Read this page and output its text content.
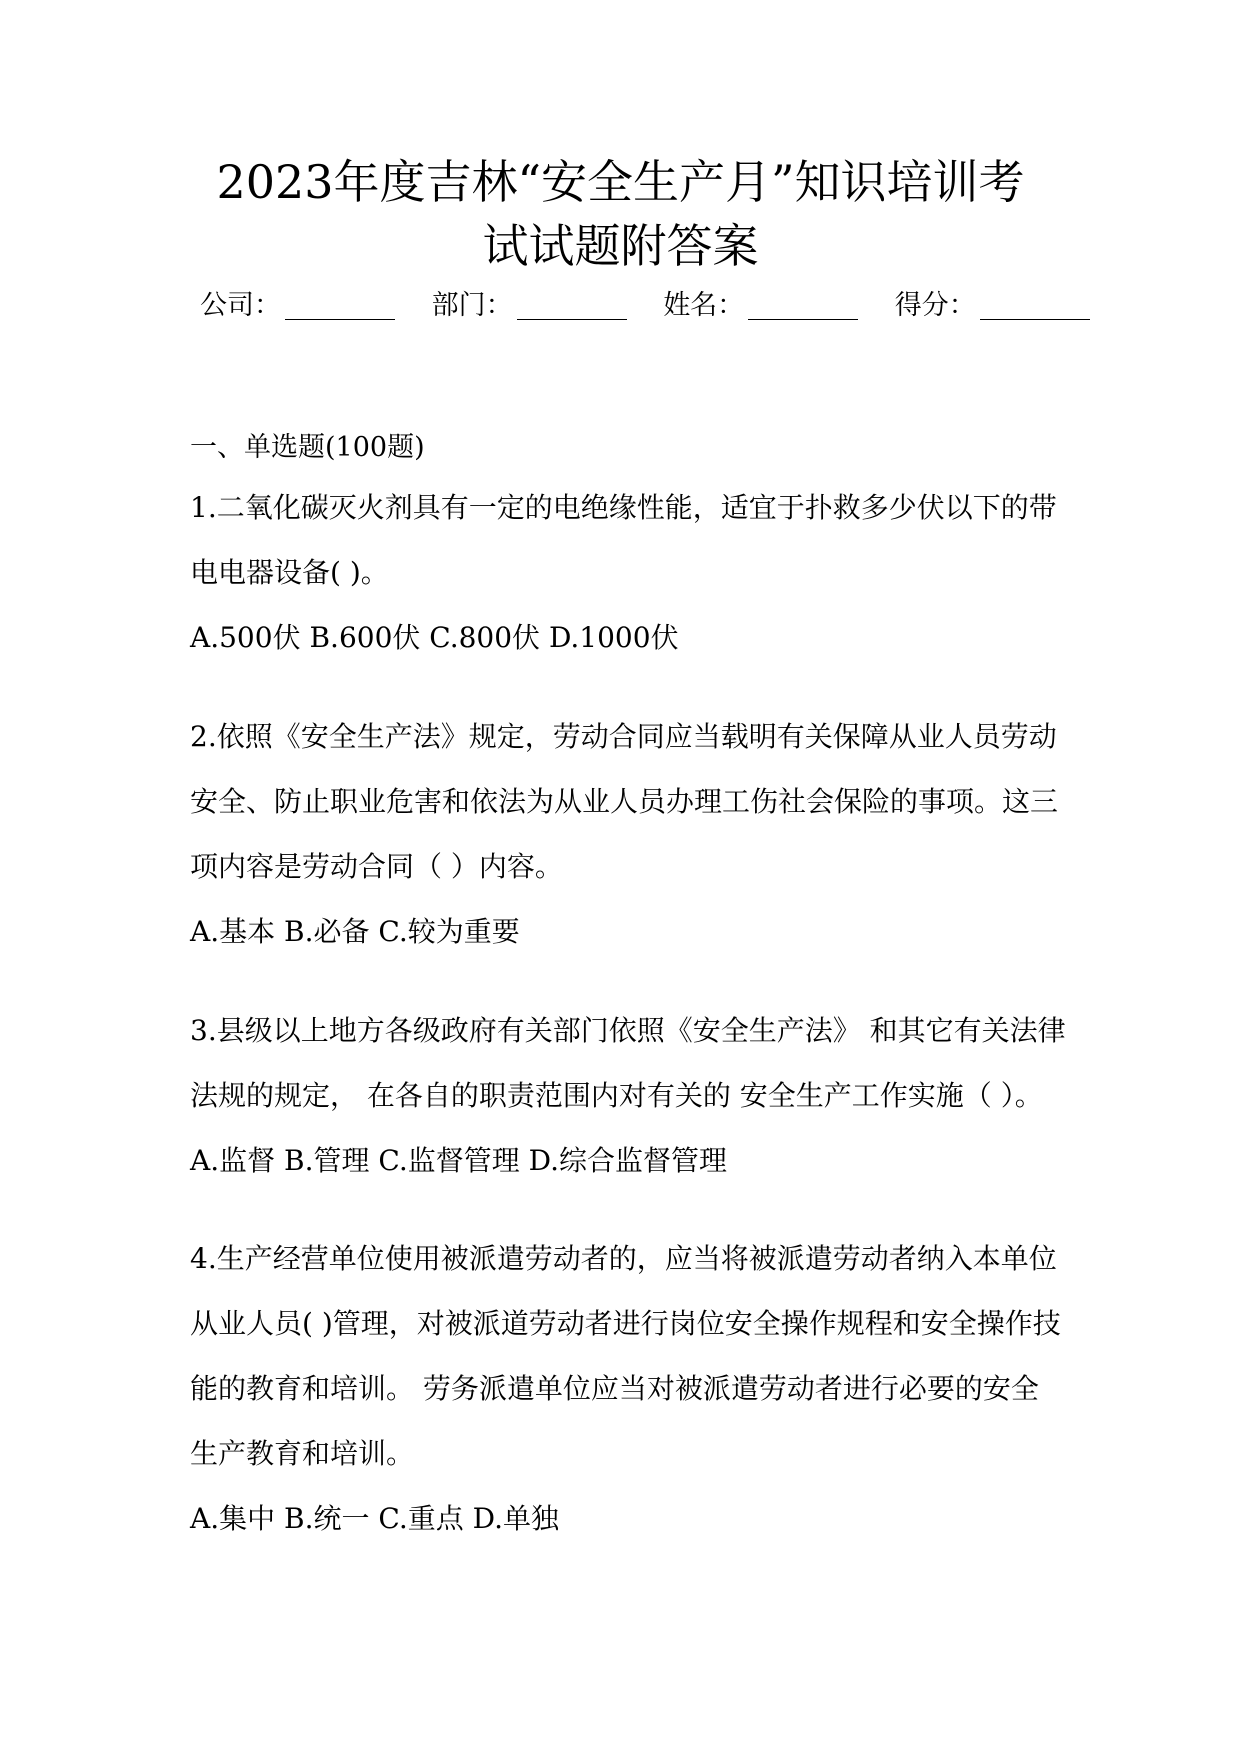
2023年度吉林“安全生产月”知识培训考
试试题附答案
公司：	部门：	姓名：	得分：
一、单选题(100题)
1.二氧化碳灭火剂具有一定的电绝缘性能，适宜于扑救多少伏以下的带
电电器设备( )。
A.500伏 B.600伏 C.800伏 D.1000伏
2.依照《安全生产法》规定，劳动合同应当载明有关保障从业人员劳动
安全、防止职业危害和依法为从业人员办理工伤社会保险的事项。这三
项内容是劳动合同（ ）内容。
A.基本 B.必备 C.较为重要
3.县级以上地方各级政府有关部门依照《安全生产法》 和其它有关法律
法规的规定， 在各自的职责范围内对有关的 安全生产工作实施（ ）。
A.监督 B.管理 C.监督管理 D.综合监督管理
4.生产经营单位使用被派遣劳动者的，应当将被派遣劳动者纳入本单位
从业人员( )管理，对被派道劳动者进行岗位安全操作规程和安全操作技
能的教育和培训。 劳务派遣单位应当对被派遣劳动者进行必要的安全
生产教育和培训。
A.集中 B.统一 C.重点 D.单独
